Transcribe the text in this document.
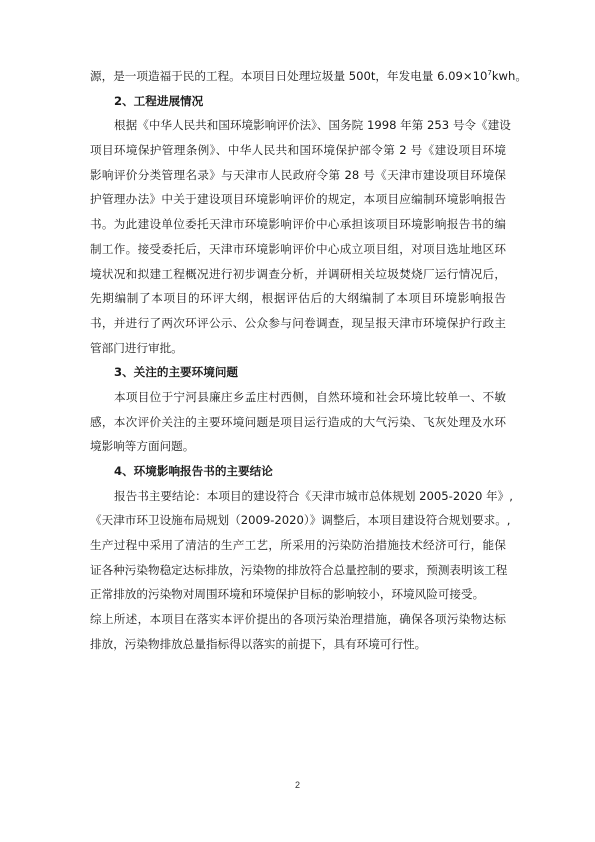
源，是一项造福于民的工程。本项目日处理垃圾量 500t，年发电量 $6.09\times 10^7kwh$。
2、工程进展情况
根据《中华人民共和国环境影响评价法》、国务院 1998 年第 253 号令《建设
项目环境保护管理条例》、中华人民共和国环境保护部令第 2 号《建设项目环境
影响评价分类管理名录》与天津市人民政府令第 28 号《天津市建设项目环境保
护管理办法》中关于建设项目环境影响评价的规定，本项目应编制环境影响报告
书。为此建设单位委托天津市环境影响评价中心承担该项目环境影响报告书的编
制工作。接受委托后，天津市环境影响评价中心成立项目组，对项目选址地区环
境状况和拟建工程概况进行初步调查分析，并调研相关垃圾焚烧厂运行情况后，
先期编制了本项目的环评大纲，根据评估后的大纲编制了本项目环境影响报告
书，并进行了两次环评公示、公众参与问卷调查，现呈报天津市环境保护行政主
管部门进行审批。
3、关注的主要环境问题
本项目位于宁河县廉庄乡孟庄村西侧，自然环境和社会环境比较单一、不敏
感，本次评价关注的主要环境问题是项目运行造成的大气污染、飞灰处理及水环
境影响等方面问题。
4、环境影响报告书的主要结论
报告书主要结论：本项目的建设符合《天津市城市总体规划 2005-2020 年》,
《天津市环卫设施布局规划（2009-2020）》调整后，本项目建设符合规划要求。,
生产过程中采用了清洁的生产工艺，所采用的污染防治措施技术经济可行，能保
证各种污染物稳定达标排放，污染物的排放符合总量控制的要求，预测表明该工程
正常排放的污染物对周围环境和环境保护目标的影响较小，环境风险可接受。
综上所述，本项目在落实本评价提出的各项污染治理措施，确保各项污染物达标
排放，污染物排放总量指标得以落实的前提下，具有环境可行性。
2
